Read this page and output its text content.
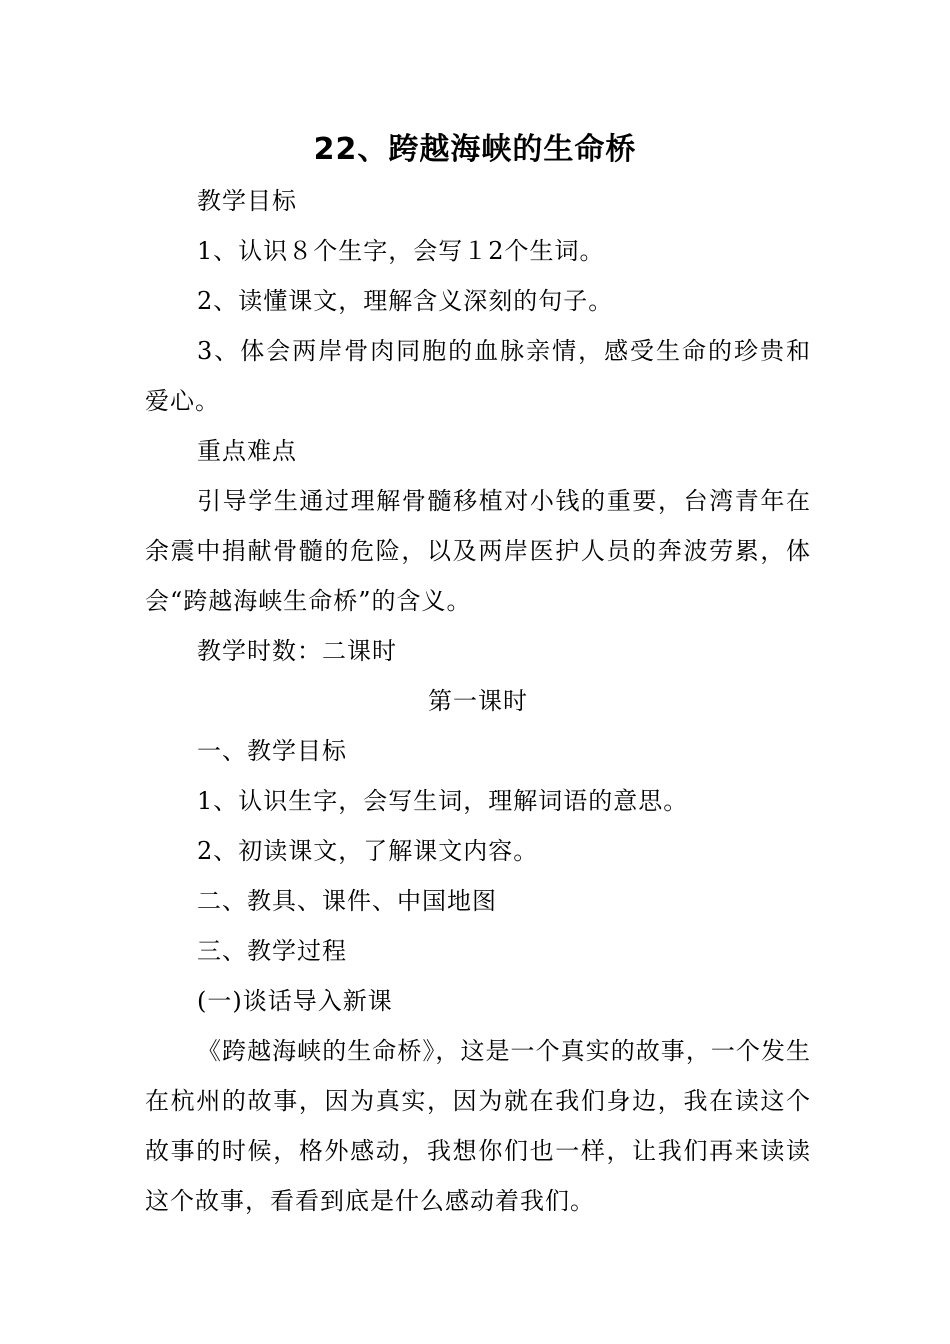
22、跨越海峡的生命桥

教学目标

1、认识８个生字，会写１2个生词。

2、读懂课文，理解含义深刻的句子。

3、体会两岸骨肉同胞的血脉亲情，感受生命的珍贵和爱心。

重点难点

引导学生通过理解骨髓移植对小钱的重要，台湾青年在余震中捐献骨髓的危险，以及两岸医护人员的奔波劳累，体会“跨越海峡生命桥”的含义。

教学时数：二课时

第一课时

一、教学目标

1、认识生字，会写生词，理解词语的意思。

2、初读课文，了解课文内容。

二、教具、课件、中国地图

三、教学过程

(一)谈话导入新课

《跨越海峡的生命桥》，这是一个真实的故事，一个发生在杭州的故事，因为真实，因为就在我们身边，我在读这个故事的时候，格外感动，我想你们也一样，让我们再来读读这个故事，看看到底是什么感动着我们。
